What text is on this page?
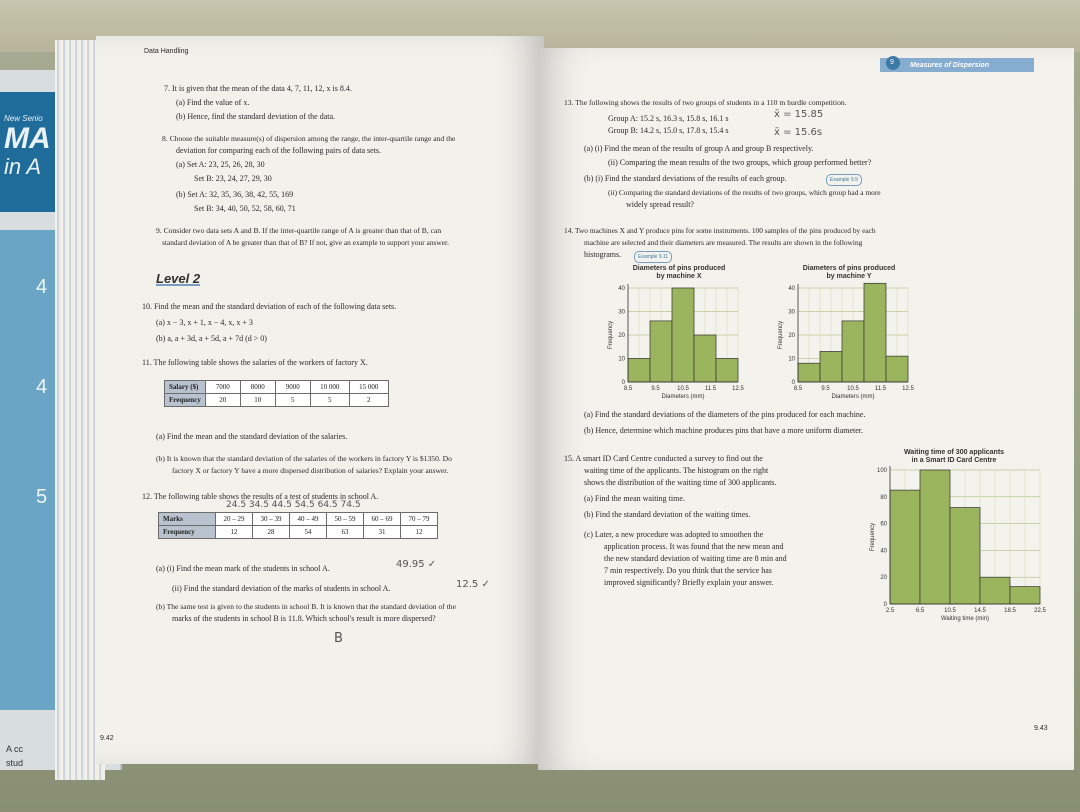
New Senio
MA
in A
4
4
5
A cc
stud
Data Handling
7. It is given that the mean of the data 4, 7, 11, 12, x is 8.4.
(a) Find the value of x.
(b) Hence, find the standard deviation of the data.
8. Choose the suitable measure(s) of dispersion among the range, the inter-quartile range and the
deviation for comparing each of the following pairs of data sets.
(a) Set A: 23, 25, 26, 28, 30
Set B: 23, 24, 27, 29, 30
(b) Set A: 32, 35, 36, 38, 42, 55, 169
Set B: 34, 40, 50, 52, 58, 60, 71
9. Consider two data sets A and B. If the inter-quartile range of A is greater than that of B, can
standard deviation of A be greater than that of B? If not, give an example to support your answer.
Level 2
10. Find the mean and the standard deviation of each of the following data sets.
(a) x − 3, x + 1, x − 4, x, x + 3
(b) a, a + 3d, a + 5d, a + 7d (d > 0)
11. The following table shows the salaries of the workers of factory X.
Salary ($)	7000	8000	9000	10 000	15 000
Frequency	20	10	5	5	2
(a) Find the mean and the standard deviation of the salaries.
(b) It is known that the standard deviation of the salaries of the workers in factory Y is $1350. Do
factory X or factory Y have a more dispersed distribution of salaries? Explain your answer.
12. The following table shows the results of a test of students in school A.
24.5 34.5 44.5 54.5 64.5 74.5
Marks	20 – 29	30 – 39	40 – 49	50 – 59	60 – 69	70 – 79
Frequency	12	28	54	63	31	12
(a) (i) Find the mean mark of the students in school A.	49.95 ✓
(ii) Find the standard deviation of the marks of students in school A.	12.5 ✓
(b) The same test is given to the students in school B. It is known that the standard deviation of the
marks of the students in school B is 11.8. Which school's result is more dispersed?
B
9.42
Measures of Dispersion
9
13. The following shows the results of two groups of students in a 110 m hurdle competition.
Group A: 15.2 s, 16.3 s, 15.8 s, 16.1 s	x̄ = 15.85
Group B: 14.2 s, 15.0 s, 17.8 s, 15.4 s	x̄ = 15.6s
(a) (i) Find the mean of the results of group A and group B respectively.
(ii) Comparing the mean results of the two groups, which group performed better?
(b) (i) Find the standard deviations of the results of each group.	Example 9.9
(ii) Comparing the standard deviations of the results of two groups, which group had a more
widely spread result?
14. Two machines X and Y produce pins for some instruments. 100 samples of the pins produced by each
machine are selected and their diameters are measured. The results are shown in the following
histograms.	Example 9.11
Diameters of pins produced
by machine X
0
10
20
30
40
8.5	9.5	10.5	11.5	12.5
Diameters (mm)
Frequency
Diameters of pins produced
by machine Y
0
10
20
30
40
8.5	9.5	10.5	11.5	12.5
Diameters (mm)
Frequency
(a) Find the standard deviations of the diameters of the pins produced for each machine.
(b) Hence, determine which machine produces pins that have a more uniform diameter.
15. A smart ID Card Centre conducted a survey to find out the
waiting time of the applicants. The histogram on the right
shows the distribution of the waiting time of 300 applicants.
(a) Find the mean waiting time.
(b) Find the standard deviation of the waiting times.
(c) Later, a new procedure was adopted to smoothen the
application process. It was found that the new mean and
the new standard deviation of waiting time are 8 min and
7 min respectively. Do you think that the service has
improved significantly? Briefly explain your answer.
Waiting time of 300 applicants
in a Smart ID Card Centre
0
20
40
60
80
100
2.5	6.5	10.5	14.5	18.5	22.5
Waiting time (min)
Frequency
9.43
